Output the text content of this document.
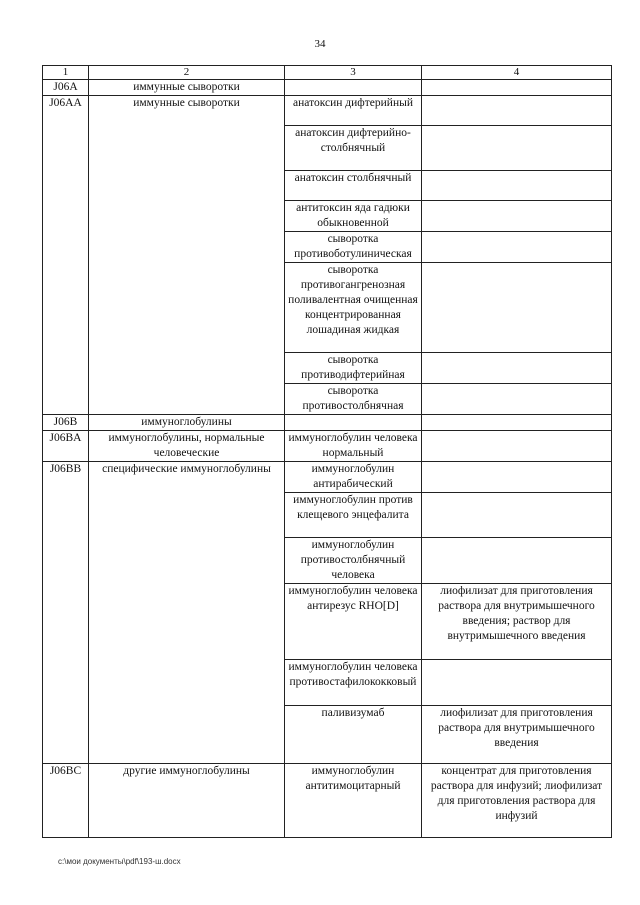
34
1	2	3	4
J06A	иммунные сыворотки		
J06AA	иммунные сыворотки	анатоксин дифтерийный	
		анатоксин дифтерийно-столбнячный	
		анатоксин столбнячный	
		антитоксин яда гадюки обыкновенной	
		сыворотка противоботулиническая	
		сыворотка противогангренозная поливалентная очищенная концентрированная лошадиная жидкая	
		сыворотка противодифтерийная	
		сыворотка противостолбнячная	
J06B	иммуноглобулины		
J06BA	иммуноглобулины, нормальные человеческие	иммуноглобулин человека нормальный	
J06BB	специфические иммуноглобулины	иммуноглобулин антирабический	
		иммуноглобулин против клещевого энцефалита	
		иммуноглобулин противостолбнячный человека	
		иммуноглобулин человека антирезус RHO[D]	лиофилизат для приготовления раствора для внутримышечного введения; раствор для внутримышечного введения
		иммуноглобулин человека противостафилококковый	
		паливизумаб	лиофилизат для приготовления раствора для внутримышечного введения
J06BC	другие иммуноглобулины	иммуноглобулин антитимоцитарный	концентрат для приготовления раствора для инфузий; лиофилизат для приготовления раствора для инфузий
c:\мои документы\pdf\193-ш.docx
